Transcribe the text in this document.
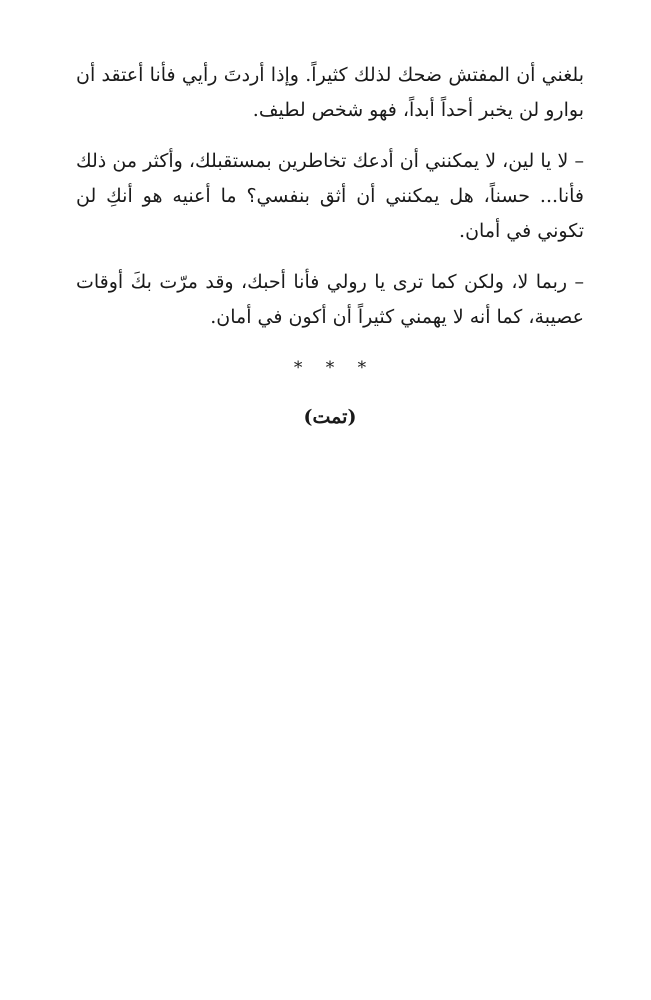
بلغني أن المفتش ضحك لذلك كثيراً. وإذا أردتَ رأيي فأنا أعتقد أن بوارو لن يخبر أحداً أبداً، فهو شخص لطيف.

– لا يا لين، لا يمكنني أن أدعك تخاطرين بمستقبلك، وأكثر من ذلك فأنا... حسناً، هل يمكنني أن أثق بنفسي؟ ما أعنيه هو أنكِ لن تكوني في أمان.

– ربما لا، ولكن كما ترى يا رولي فأنا أحبك، وقد مرّت بكَ أوقات عصيبة، كما أنه لا يهمني كثيراً أن أكون في أمان.

* * *
(تمت)
